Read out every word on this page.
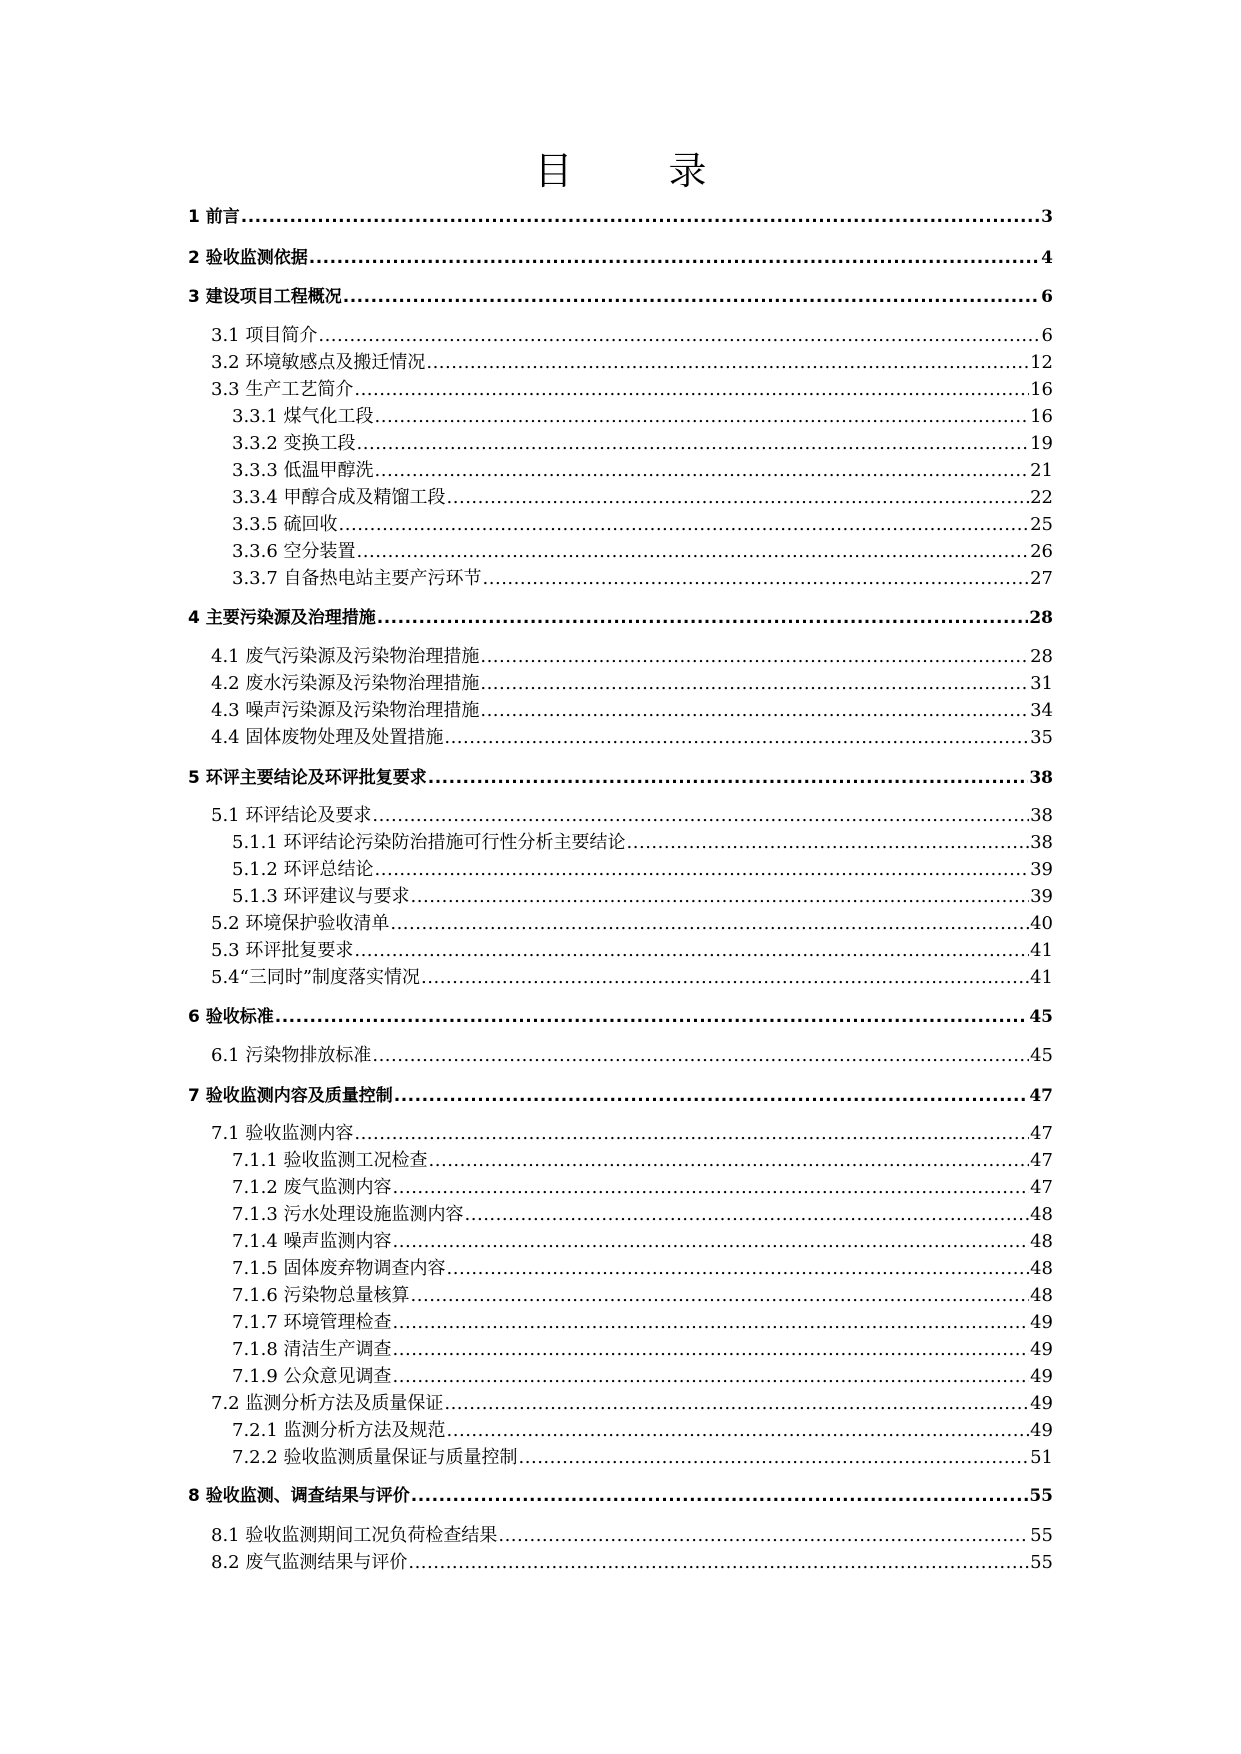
目 录
1 前言 .....	3
2 验收监测依据 .....	4
3 建设项目工程概况 .....	6
3.1 项目简介 .....	6
3.2 环境敏感点及搬迁情况 .....	12
3.3 生产工艺简介 .....	16
3.3.1 煤气化工段 .....	16
3.3.2 变换工段 .....	19
3.3.3 低温甲醇洗 .....	21
3.3.4 甲醇合成及精馏工段 .....	22
3.3.5 硫回收 .....	25
3.3.6 空分装置 .....	26
3.3.7 自备热电站主要产污环节 .....	27
4 主要污染源及治理措施 .....	28
4.1 废气污染源及污染物治理措施 .....	28
4.2 废水污染源及污染物治理措施 .....	31
4.3 噪声污染源及污染物治理措施 .....	34
4.4 固体废物处理及处置措施 .....	35
5 环评主要结论及环评批复要求 .....	38
5.1 环评结论及要求 .....	38
5.1.1 环评结论污染防治措施可行性分析主要结论 .....	38
5.1.2 环评总结论 .....	39
5.1.3 环评建议与要求 .....	39
5.2 环境保护验收清单 .....	40
5.3 环评批复要求 .....	41
5.4“三同时”制度落实情况 .....	41
6 验收标准 .....	45
6.1 污染物排放标准 .....	45
7 验收监测内容及质量控制 .....	47
7.1 验收监测内容 .....	47
7.1.1 验收监测工况检查 .....	47
7.1.2 废气监测内容 .....	47
7.1.3 污水处理设施监测内容 .....	48
7.1.4 噪声监测内容 .....	48
7.1.5 固体废弃物调查内容 .....	48
7.1.6 污染物总量核算 .....	48
7.1.7 环境管理检查 .....	49
7.1.8 清洁生产调查 .....	49
7.1.9 公众意见调查 .....	49
7.2 监测分析方法及质量保证 .....	49
7.2.1 监测分析方法及规范 .....	49
7.2.2 验收监测质量保证与质量控制 .....	51
8 验收监测、调查结果与评价 .....	55
8.1 验收监测期间工况负荷检查结果 .....	55
8.2 废气监测结果与评价 .....	55
